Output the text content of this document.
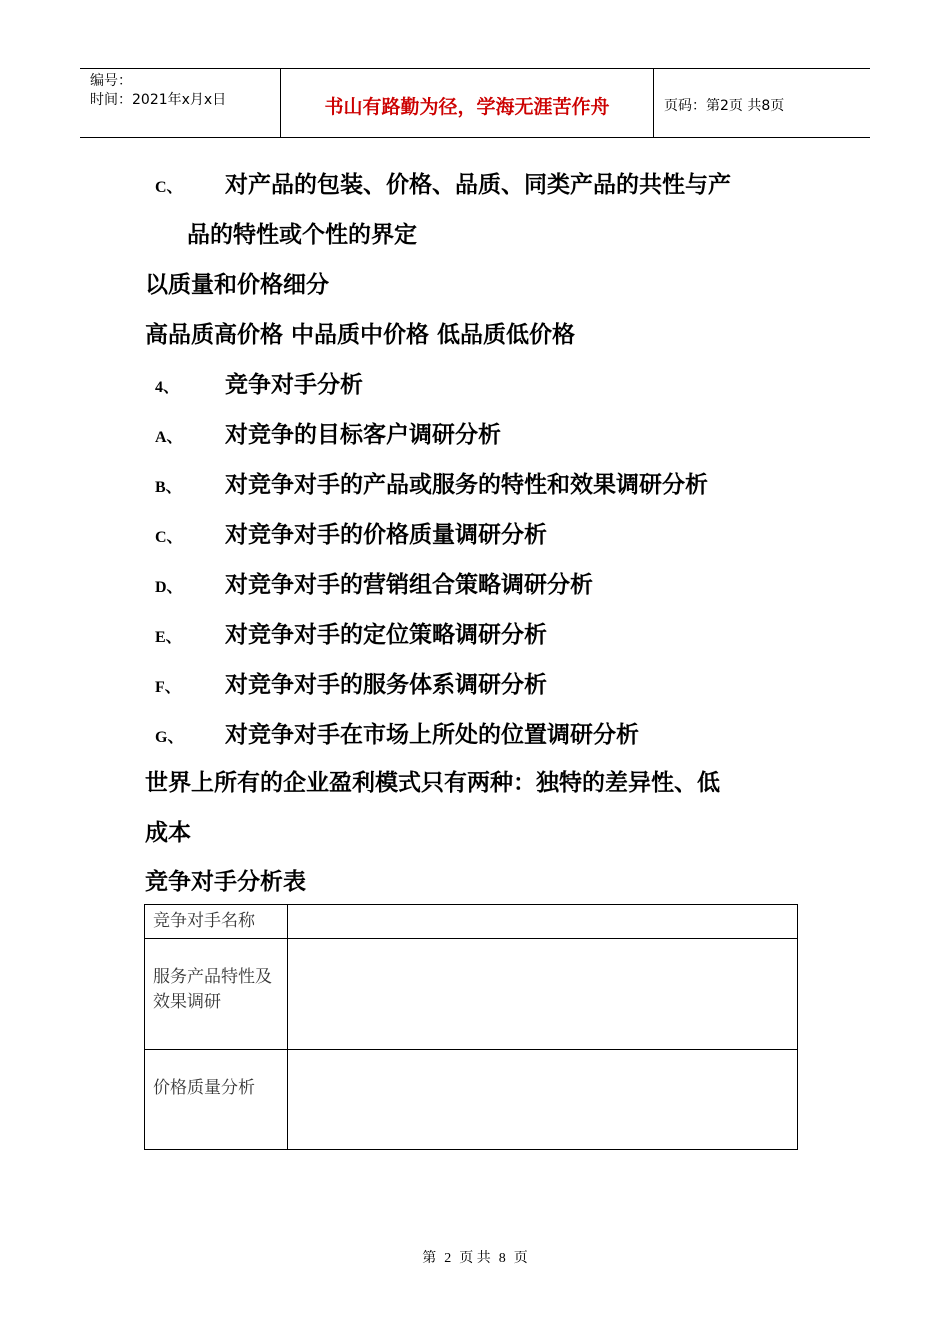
编号：
时间：2021年x月x日	书山有路勤为径，学海无涯苦作舟	页码：第2页 共8页
C、 对产品的包装、价格、品质、同类产品的共性与产
品的特性或个性的界定
以质量和价格细分
高品质高价格 中品质中价格 低品质低价格
4、 竞争对手分析
A、 对竞争的目标客户调研分析
B、 对竞争对手的产品或服务的特性和效果调研分析
C、 对竞争对手的价格质量调研分析
D、 对竞争对手的营销组合策略调研分析
E、 对竞争对手的定位策略调研分析
F、 对竞争对手的服务体系调研分析
G、 对竞争对手在市场上所处的位置调研分析
世界上所有的企业盈利模式只有两种：独特的差异性、低
成本
竞争对手分析表
竞争对手名称	
服务产品特性及效果调研	
价格质量分析	
第 2 页 共 8 页
